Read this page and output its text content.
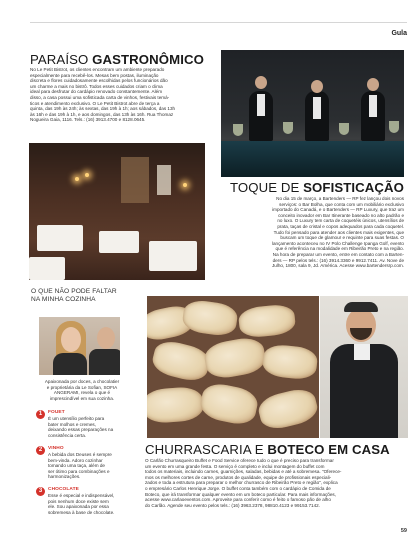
Gula
PARAÍSO GASTRONÔMICO
No Le Petit Bistrot, os clientes encontram um ambiente preparado
especialmente para recebê-los. Mesas bem postas, iluminação
discreta e flores cuidadosamente escolhidas pelos funcionários dão
um charme a mais no bistrô. Todos esses cuidados criam o clima
ideal para desfrutar do cardápio renovado constantemente. Além
disso, a casa possui uma sofisticada carta de vinhos, festivais temá-
ticos e atendimento exclusivo. O Le Petit Bistrot abre de terça a
quinta, das 19h às 24h; às sextas, das 19h à 1h; aos sábados, das 13h
às 16h e das 19h à 1h, e aos domingos, das 13h às 16h. Rua Thomaz
Nogueira Gaia, 1116. Tels.: (16) 3913.4700 e 8128.0645.
TOQUE DE SOFISTICAÇÃO
No dia 15 de março, a Bartenders — RP fez lançou dois novos
serviços: o Bar Bolha, que conta com um mobiliário exclusivo
importado do Canadá, e o Bartenders — RP Luxury, que traz um
conceito inovador em Bar Itinerante baseado no alto padrão e
no luxo. O Luxury tem carta de coquetéis únicos, utensílios de
prata, taças de cristal e copos adequados para cada coquetel.
Tudo foi pensado para atender aos clientes mais exigentes, que
buscam um toque de glamour e requinte para suas festas. O
lançamento aconteceu no IV Polo Challenge Ipanga Golf, evento
que é referência na modalidade em Ribeirão Preto e na região.
Na hora de preparar um evento, entre em contato com a Barten-
ders — RP pelos tels.: (16) 3914.3360 e 9912.7411. Av. Nove de
Julho, 1800, sala 9, Jd. América. Acesse www.bartendersrp.com.
O QUE NÃO PODE FALTAR
NA MINHA COZINHA
Apaixonada por doces, a chocolatier
e proprietária da Le Sofian, SOFIA
ANGERAMI, revela o que é
imprescindível em sua cozinha.
1	FOUET
É um utensílio perfeito para
bater molhos e cremes,
deixando essas preparações na
consistência certa.
2	VINHO
A bebida dos Deuses é sempre
bem-vinda. Adoro cozinhar
tomando uma taça, além de
ser ótimo para combinações e
harmonizações.
3	CHOCOLATE
Esse é especial e indispensável,
pois nenhum doce existe sem
ele. Sou apaixonada por essa
sobremesa à base de chocolate.
CHURRASCARIA E BOTECO EM CASA
O Carlão Churrasqueiro Buffet e Food Service oferece tudo o que é preciso para transformar
um evento em uma grande festa. O serviço é completo e inclui montagem do buffet com
todos os materiais, incluindo carnes, guarnições, saladas, bebidas e até a sobremesa. "Oferece-
mos os melhores cortes de carne, produtos de qualidade, equipe de profissionais especiali-
zados e toda a estrutura para preparar o melhor churrasco de Ribeirão Preto e região", explica
o empresário Carlos Henrique Jorge. O buffet conta também com o cardápio de Comida de
Boteco, que irá transformar qualquer evento em um boteco particular. Para mais informações,
acesse www.carlaoeventos.com. Aproveite para conferir como é feito o famoso pão de alho
do Carlão. Agende seu evento pelos tels.: (16) 3963.2378, 98810.4123 e 99153.7142.
59
